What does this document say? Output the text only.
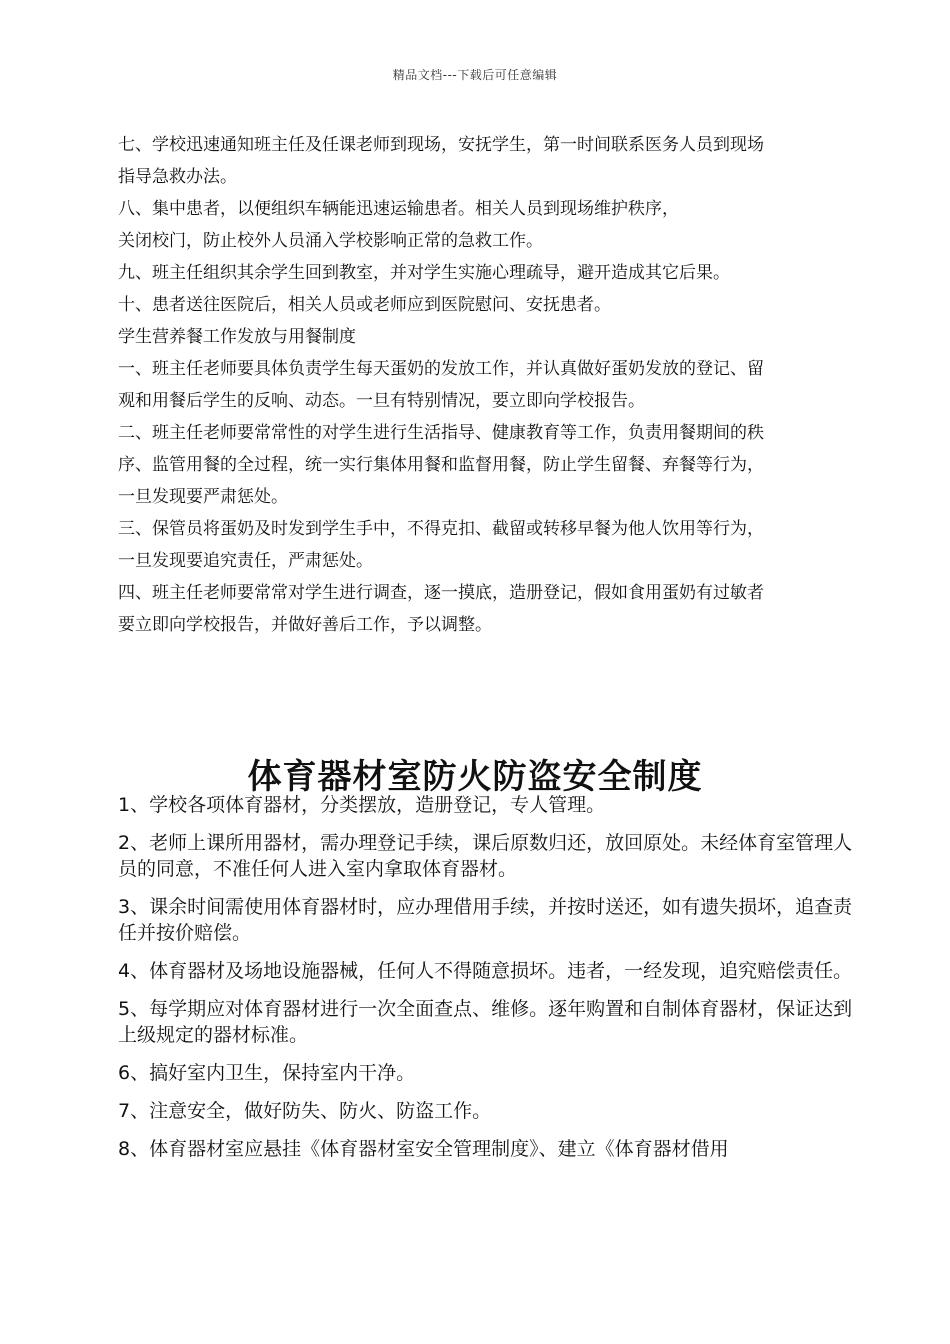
精品文档---下载后可任意编辑

七、学校迅速通知班主任及任课老师到现场，安抚学生，第一时间联系医务人员到现场

指导急救办法。

八、集中患者，以便组织车辆能迅速运输患者。相关人员到现场维护秩序，

关闭校门，防止校外人员涌入学校影响正常的急救工作。

九、班主任组织其余学生回到教室，并对学生实施心理疏导，避开造成其它后果。

十、患者送往医院后，相关人员或老师应到医院慰问、安抚患者。

学生营养餐工作发放与用餐制度

一、班主任老师要具体负责学生每天蛋奶的发放工作，并认真做好蛋奶发放的登记、留

观和用餐后学生的反响、动态。一旦有特别情况，要立即向学校报告。

二、班主任老师要常常性的对学生进行生活指导、健康教育等工作，负责用餐期间的秩

序、监管用餐的全过程，统一实行集体用餐和监督用餐，防止学生留餐、弃餐等行为，

一旦发现要严肃惩处。

三、保管员将蛋奶及时发到学生手中，不得克扣、截留或转移早餐为他人饮用等行为，

一旦发现要追究责任，严肃惩处。

四、班主任老师要常常对学生进行调查，逐一摸底，造册登记，假如食用蛋奶有过敏者

要立即向学校报告，并做好善后工作，予以调整。

体育器材室防火防盗安全制度

1、学校各项体育器材，分类摆放，造册登记，专人管理。

2、老师上课所用器材，需办理登记手续，课后原数归还，放回原处。未经体育室管理人员的同意，不准任何人进入室内拿取体育器材。

3、课余时间需使用体育器材时，应办理借用手续，并按时送还，如有遗失损坏，追查责任并按价赔偿。

4、体育器材及场地设施器械，任何人不得随意损坏。违者，一经发现，追究赔偿责任。

5、每学期应对体育器材进行一次全面查点、维修。逐年购置和自制体育器材，保证达到上级规定的器材标准。

6、搞好室内卫生，保持室内干净。

7、注意安全，做好防失、防火、防盗工作。

8、体育器材室应悬挂《体育器材室安全管理制度》、建立《体育器材借用
